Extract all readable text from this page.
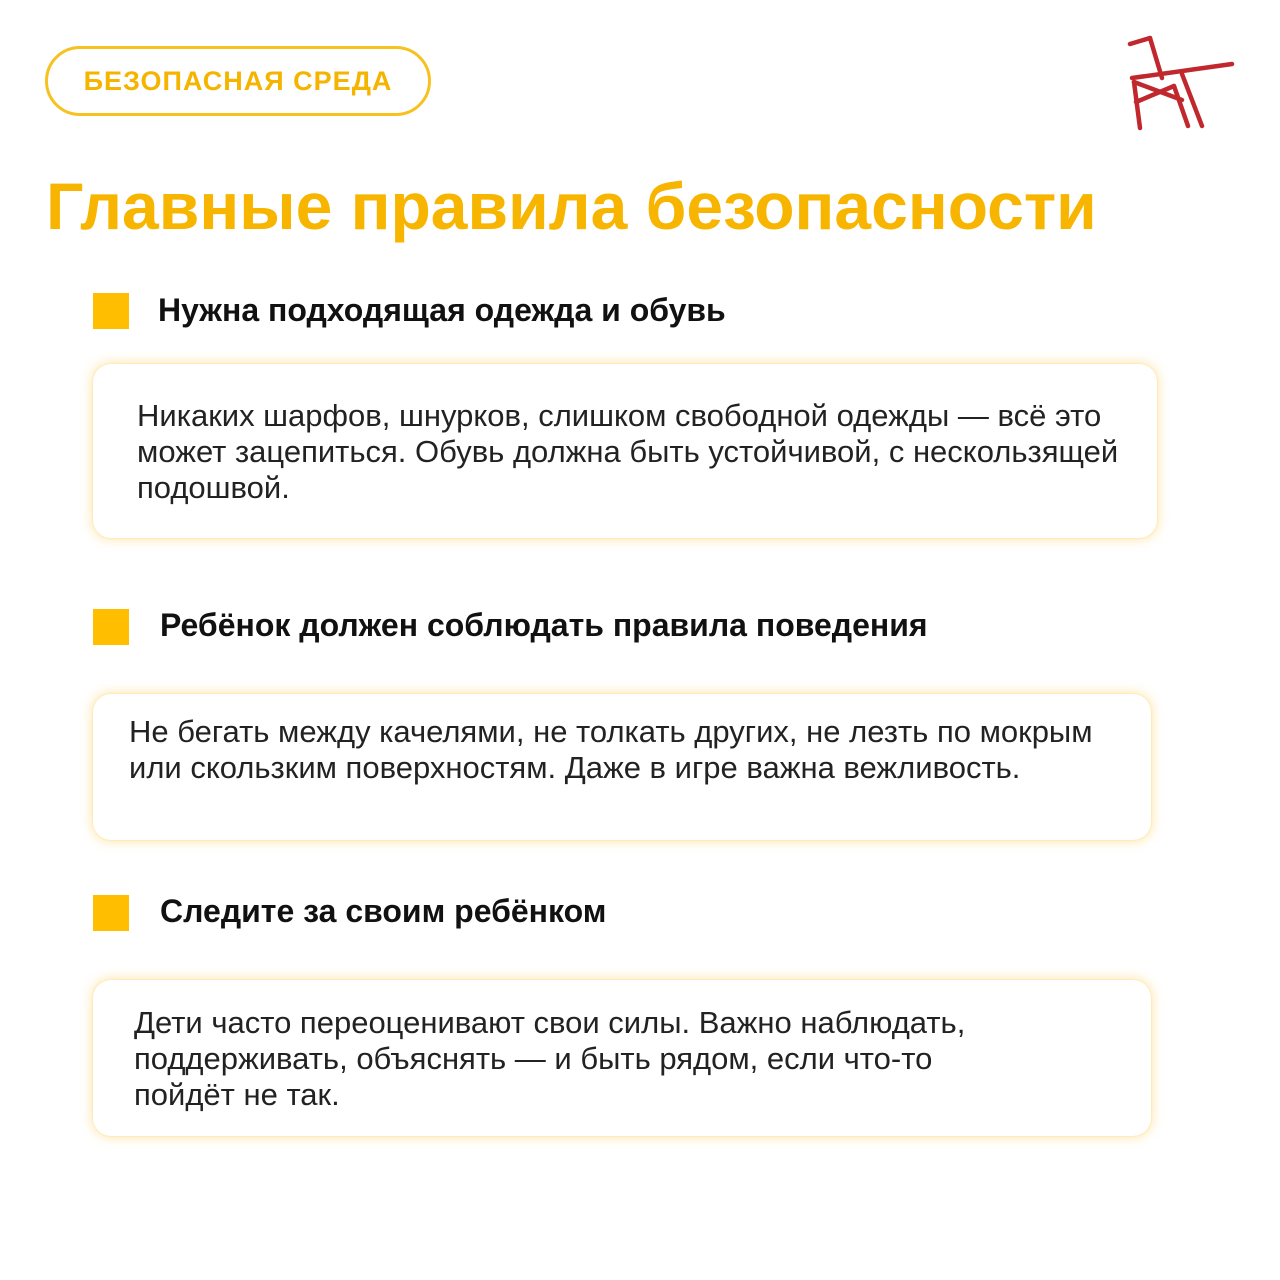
БЕЗОПАСНАЯ СРЕДА
Главные правила безопасности
Нужна подходящая одежда и обувь

Никаких шарфов, шнурков, слишком свободной одежды — всё это может зацепиться. Обувь должна быть устойчивой, с нескользящей подошвой.

Ребёнок должен соблюдать правила поведения

Не бегать между качелями, не толкать других, не лезть по мокрым или скользким поверхностям. Даже в игре важна вежливость.

Следите за своим ребёнком

Дети часто переоценивают свои силы. Важно наблюдать, поддерживать, объяснять — и быть рядом, если что-то пойдёт не так.
